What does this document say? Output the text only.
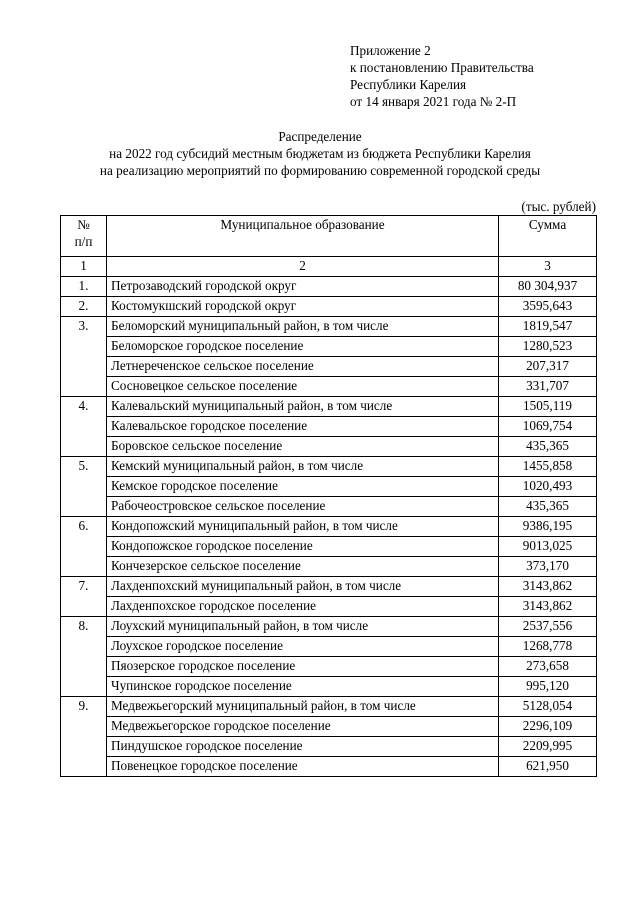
Приложение 2
к постановлению Правительства
Республики Карелия
от 14 января 2021 года № 2-П
Распределение
на 2022 год субсидий местным бюджетам из бюджета Республики Карелия
на реализацию мероприятий по формированию современной городской среды
(тыс. рублей)
№
п/п	Муниципальное образование	Сумма
1	2	3
1.	Петрозаводский городской округ	80 304,937
2.	Костомукшский городской округ	3595,643
3.	Беломорский муниципальный район, в том числе	1819,547
	Беломорское городское поселение	1280,523
	Летнереченское сельское поселение	207,317
	Сосновецкое сельское поселение	331,707
4.	Калевальский муниципальный район, в том числе	1505,119
	Калевальское городское поселение	1069,754
	Боровское сельское поселение	435,365
5.	Кемский муниципальный район, в том числе	1455,858
	Кемское городское поселение	1020,493
	Рабочеостровское сельское поселение	435,365
6.	Кондопожский муниципальный район, в том числе	9386,195
	Кондопожское городское поселение	9013,025
	Кончезерское сельское поселение	373,170
7.	Лахденпохский муниципальный район, в том числе	3143,862
	Лахденпохское городское поселение	3143,862
8.	Лоухский муниципальный район, в том числе	2537,556
	Лоухское городское поселение	1268,778
	Пяозерское городское поселение	273,658
	Чупинское городское поселение	995,120
9.	Медвежьегорский муниципальный район, в том числе	5128,054
	Медвежьегорское городское поселение	2296,109
	Пиндушское городское поселение	2209,995
	Повенецкое городское поселение	621,950
